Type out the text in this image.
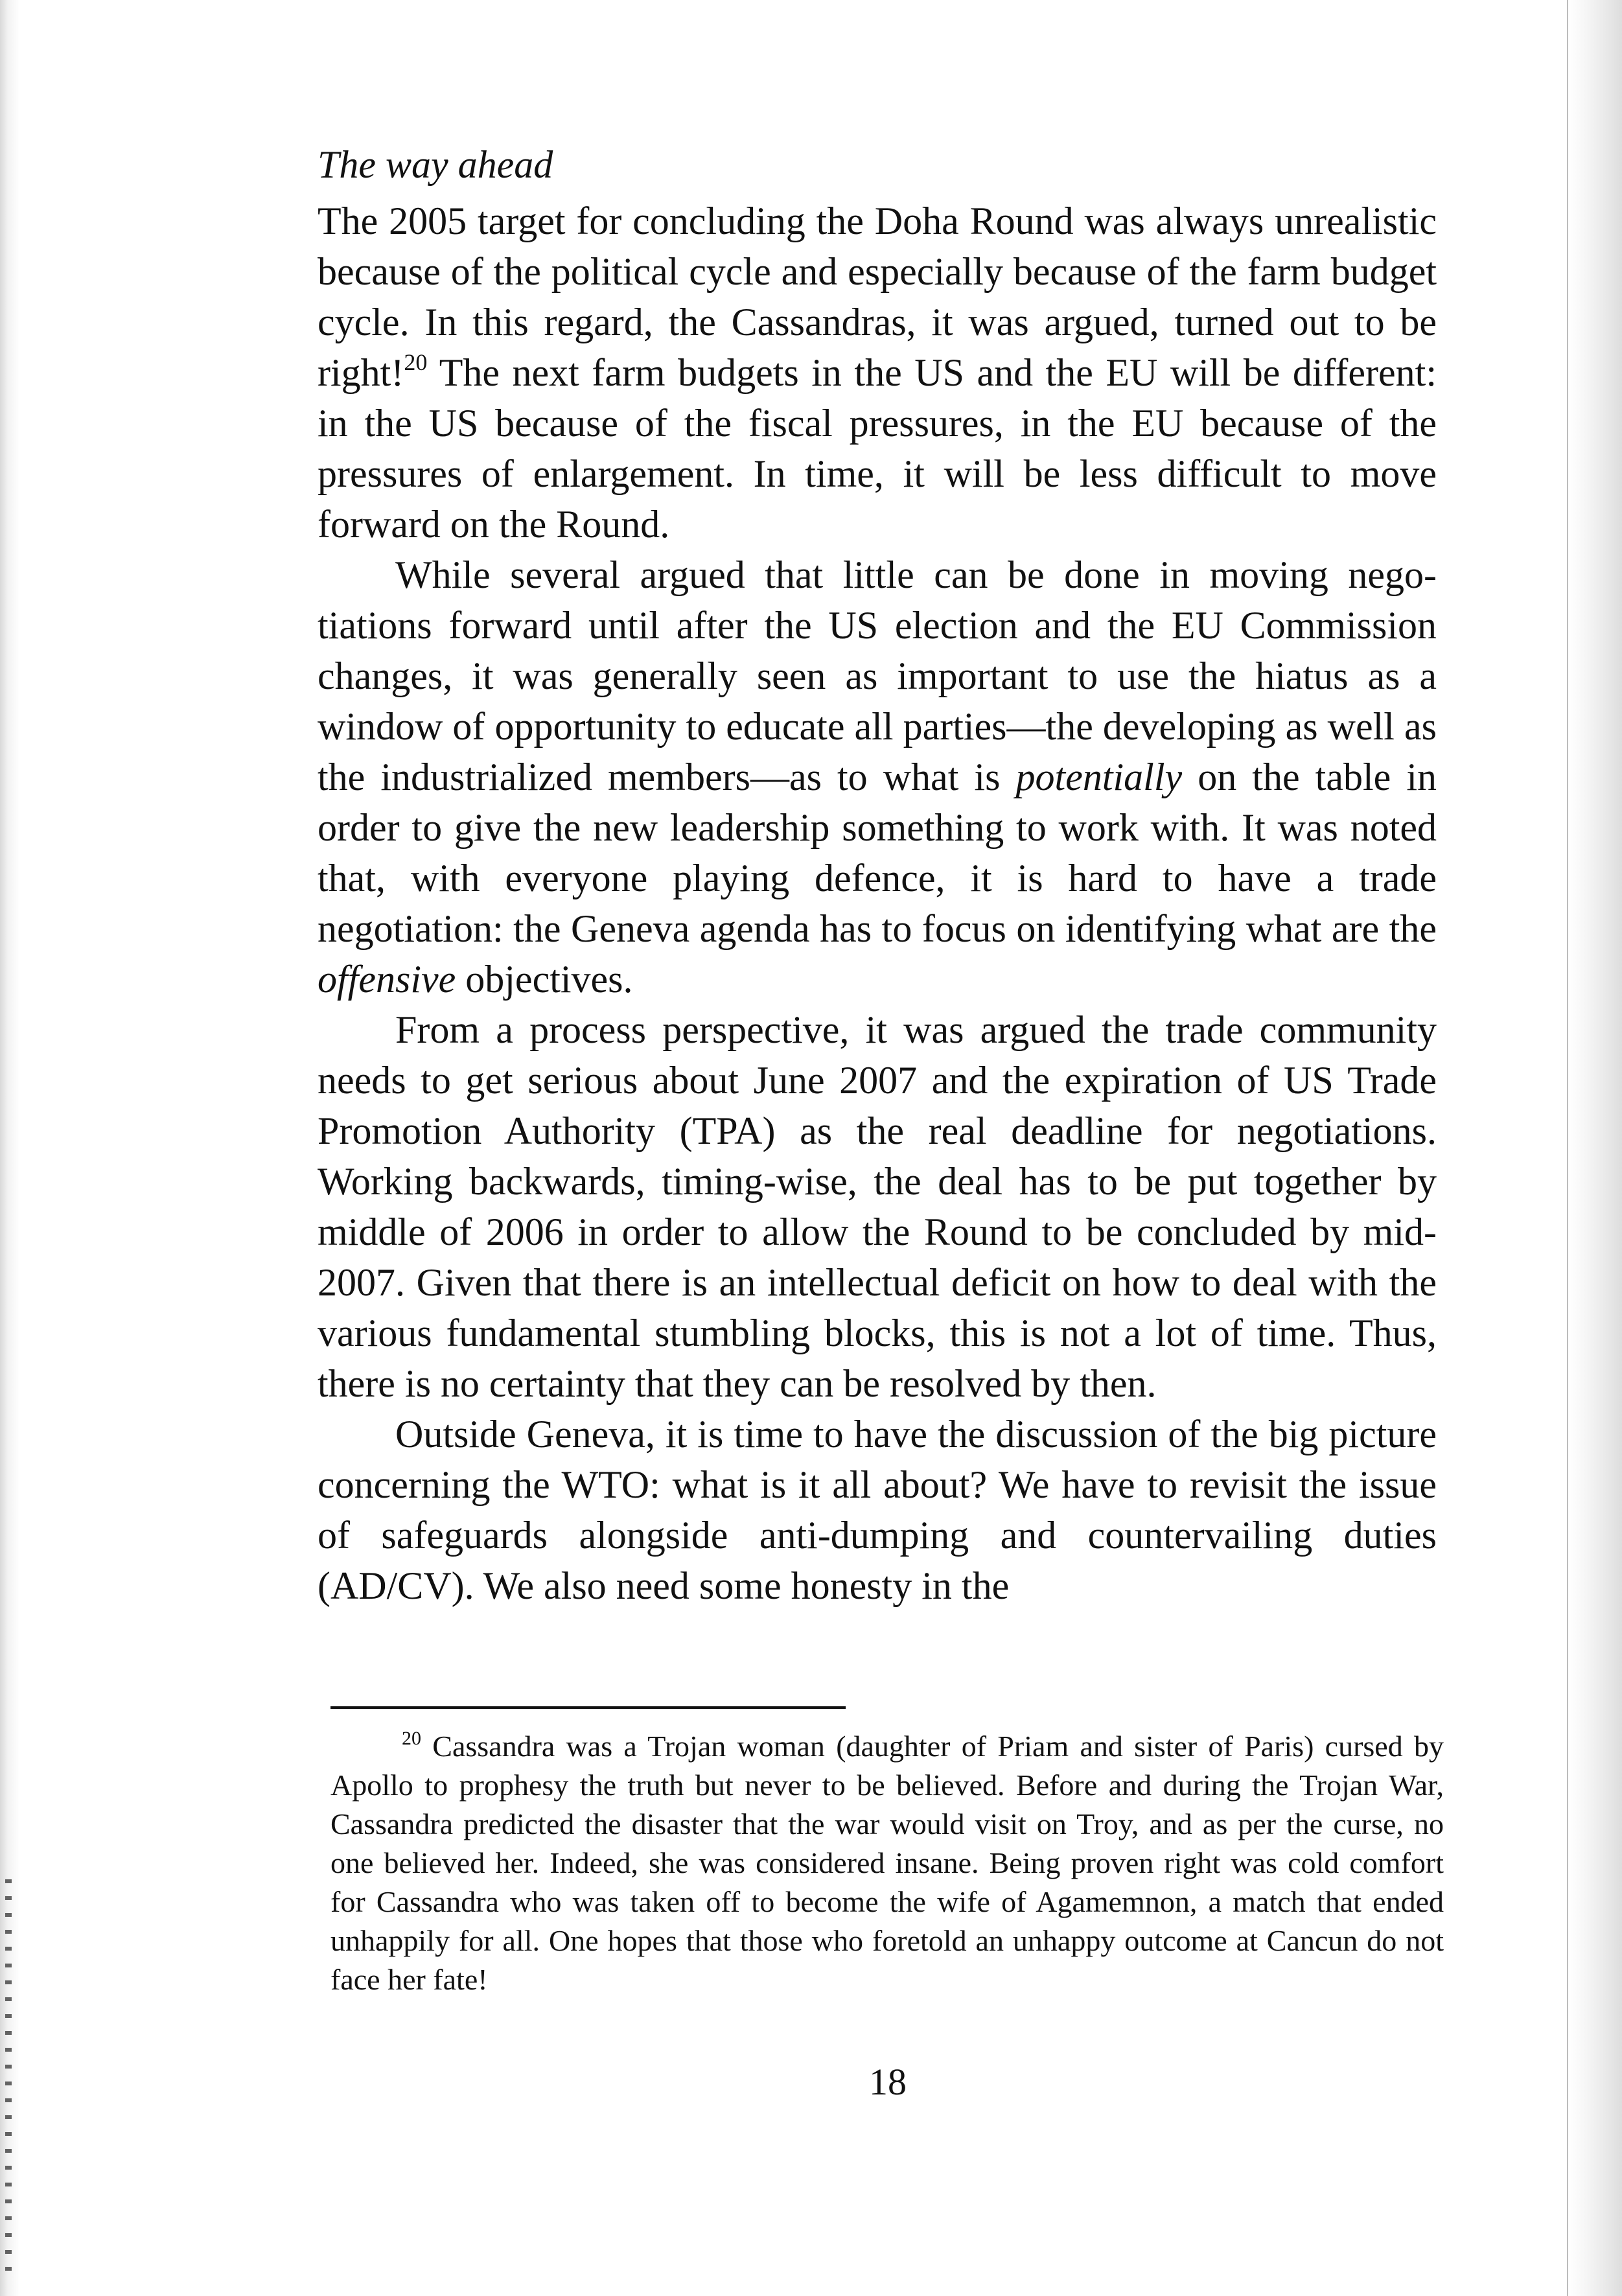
The way ahead

The 2005 target for concluding the Doha Round was always unrealistic because of the political cycle and especially because of the farm budget cycle. In this regard, the Cassandras, it was argued, turned out to be right!$^{20}$ The next farm budgets in the US and the EU will be different: in the US because of the fiscal pressures, in the EU because of the pressures of enlargement. In time, it will be less difficult to move forward on the Round.

While several argued that little can be done in moving negotiations forward until after the US election and the EU Commission changes, it was generally seen as important to use the hiatus as a window of opportunity to educate all parties—the developing as well as the industrialized members—as to what is potentially on the table in order to give the new leadership something to work with. It was noted that, with everyone playing defence, it is hard to have a trade negotiation: the Geneva agenda has to focus on identifying what are the offensive objectives.

From a process perspective, it was argued the trade community needs to get serious about June 2007 and the expiration of US Trade Promotion Authority (TPA) as the real deadline for negotiations. Working backwards, timing-wise, the deal has to be put together by middle of 2006 in order to allow the Round to be concluded by mid-2007. Given that there is an intellectual deficit on how to deal with the various fundamental stumbling blocks, this is not a lot of time. Thus, there is no certainty that they can be resolved by then.

Outside Geneva, it is time to have the discussion of the big picture concerning the WTO: what is it all about? We have to revisit the issue of safeguards alongside anti-dumping and countervailing duties (AD/CV). We also need some honesty in the

$^{20}$ Cassandra was a Trojan woman (daughter of Priam and sister of Paris) cursed by Apollo to prophesy the truth but never to be believed. Before and during the Trojan War, Cassandra predicted the disaster that the war would visit on Troy, and as per the curse, no one believed her. Indeed, she was considered insane. Being proven right was cold comfort for Cassandra who was taken off to become the wife of Agamemnon, a match that ended unhappily for all. One hopes that those who foretold an unhappy outcome at Cancun do not face her fate!

18
